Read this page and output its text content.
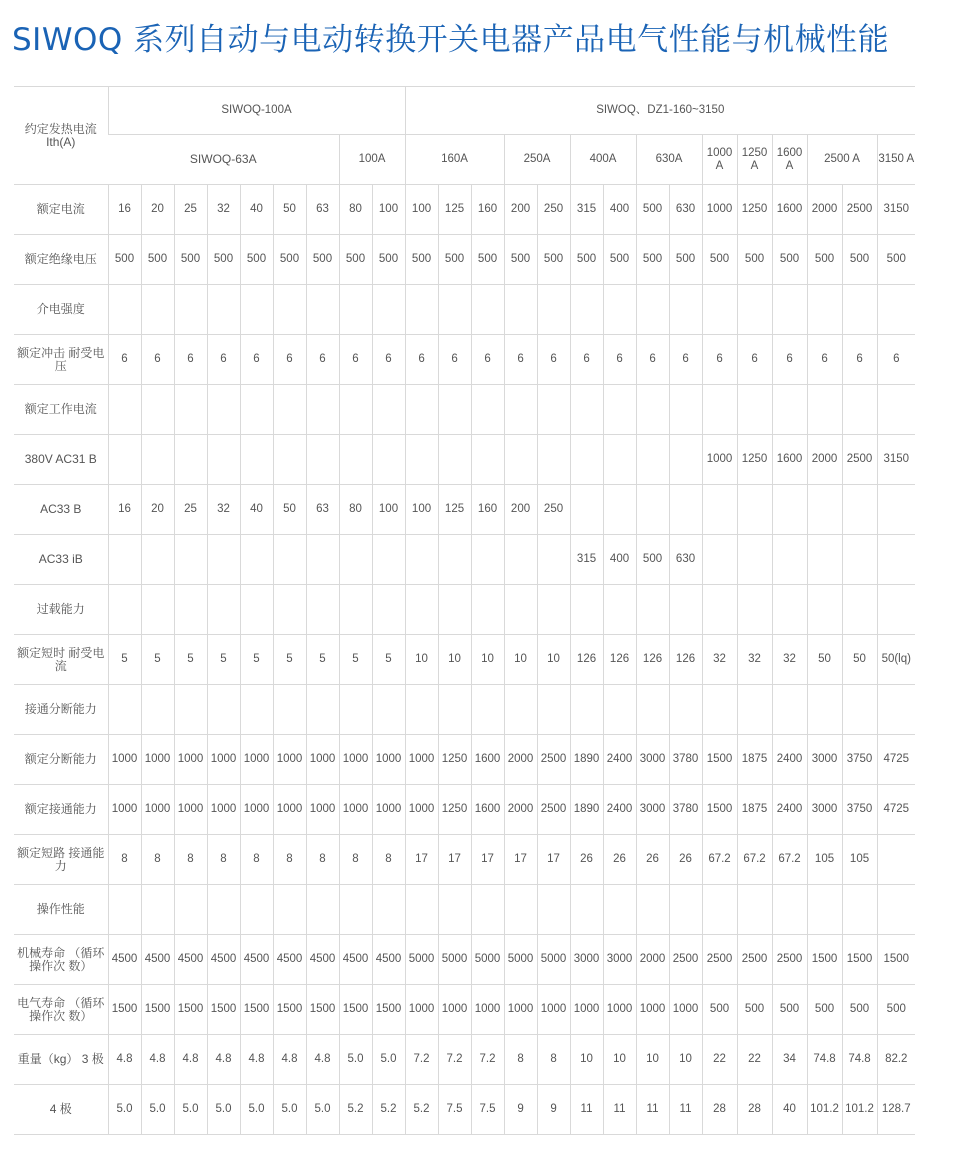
SIWOQ 系列自动与电动转换开关电器产品电气性能与机械性能
约定发热电流 Ith(A)	SIWOQ-100A									SIWOQ、DZ1-160~3150														
	SIWOQ-63A							100A		160A			250A		400A		630A		1000 A	1250 A	1600 A	2500 A		3150 A
额定电流	16	20	25	32	40	50	63	80	100	100	125	160	200	250	315	400	500	630	1000	1250	1600	2000	2500	3150
额定绝缘电压	500	500	500	500	500	500	500	500	500	500	500	500	500	500	500	500	500	500	500	500	500	500	500	500
介电强度																								
额定冲击 耐受电压	6	6	6	6	6	6	6	6	6	6	6	6	6	6	6	6	6	6	6	6	6	6	6	6
额定工作电流																								
380V AC31 B																			1000	1250	1600	2000	2500	3150
AC33 B	16	20	25	32	40	50	63	80	100	100	125	160	200	250										
AC33 iB															315	400	500	630						
过载能力																								
额定短时 耐受电流	5	5	5	5	5	5	5	5	5	10	10	10	10	10	126	126	126	126	32	32	32	50	50	50(lq)
接通分断能力																								
额定分断能力	1000	1000	1000	1000	1000	1000	1000	1000	1000	1000	1250	1600	2000	2500	1890	2400	3000	3780	1500	1875	2400	3000	3750	4725
额定接通能力	1000	1000	1000	1000	1000	1000	1000	1000	1000	1000	1250	1600	2000	2500	1890	2400	3000	3780	1500	1875	2400	3000	3750	4725
额定短路 接通能力	8	8	8	8	8	8	8	8	8	17	17	17	17	17	26	26	26	26	67.2	67.2	67.2	105	105	
操作性能																								
机械寿命 （循环操作次 数）	4500	4500	4500	4500	4500	4500	4500	4500	4500	5000	5000	5000	5000	5000	3000	3000	2000	2500	2500	2500	2500	1500	1500	1500
电气寿命 （循环操作次 数）	1500	1500	1500	1500	1500	1500	1500	1500	1500	1000	1000	1000	1000	1000	1000	1000	1000	1000	500	500	500	500	500	500
重量（kg） 3 极	4.8	4.8	4.8	4.8	4.8	4.8	4.8	5.0	5.0	7.2	7.2	7.2	8	8	10	10	10	10	22	22	34	74.8	74.8	82.2
4 极	5.0	5.0	5.0	5.0	5.0	5.0	5.0	5.2	5.2	5.2	7.5	7.5	9	9	11	11	11	11	28	28	40	101.2	101.2	128.7
